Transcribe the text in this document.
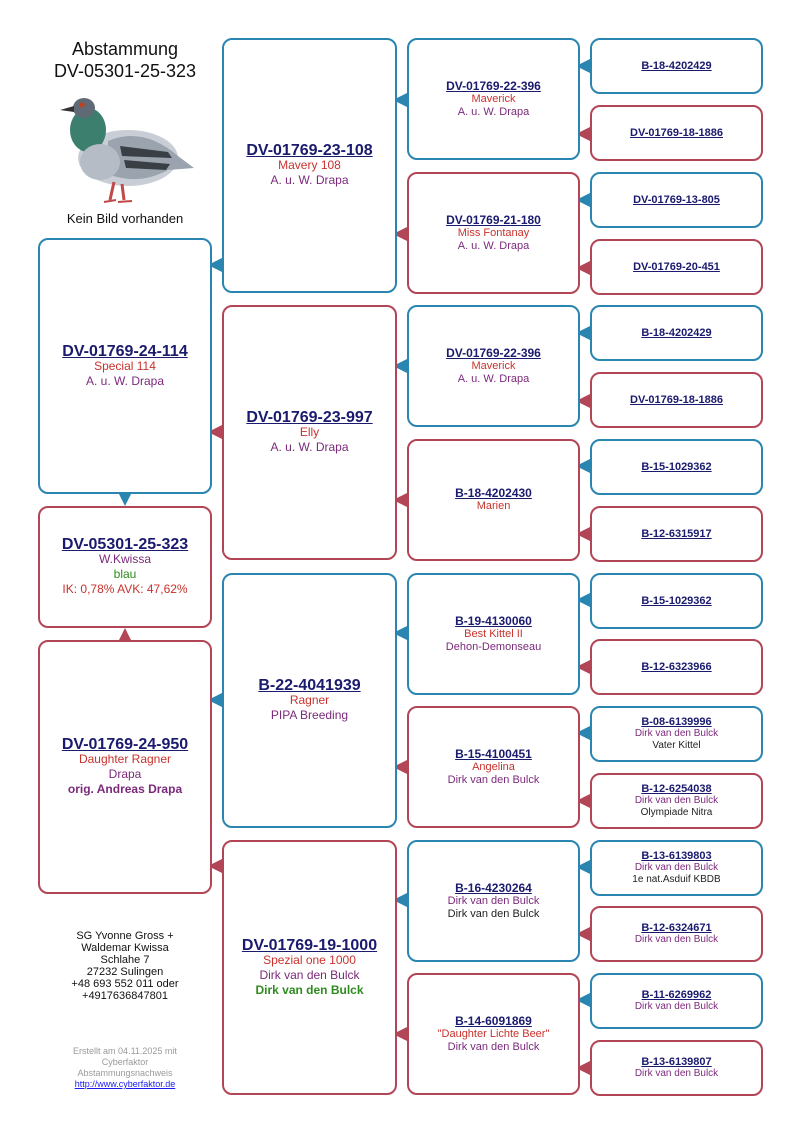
Abstammung
DV-05301-25-323
Kein Bild vorhanden
DV-01769-24-114
Special 114
A. u. W. Drapa
DV-05301-25-323
W.Kwissa
blau
IK: 0,78% AVK: 47,62%
DV-01769-24-950
Daughter Ragner
Drapa
orig. Andreas Drapa
DV-01769-23-108
Mavery 108
A. u. W. Drapa
DV-01769-23-997
Elly
A. u. W. Drapa
B-22-4041939
Ragner
PIPA Breeding
DV-01769-19-1000
Spezial one 1000
Dirk van den Bulck
Dirk van den Bulck
DV-01769-22-396
Maverick
A. u. W. Drapa
DV-01769-21-180
Miss Fontanay
A. u. W. Drapa
DV-01769-22-396
Maverick
A. u. W. Drapa
B-18-4202430
Marien
B-19-4130060
Best Kittel II
Dehon-Demonseau
B-15-4100451
Angelina
Dirk van den Bulck
B-16-4230264
Dirk van den Bulck
Dirk van den Bulck
B-14-6091869
"Daughter Lichte Beer"
Dirk van den Bulck
B-18-4202429
DV-01769-18-1886
DV-01769-13-805
DV-01769-20-451
B-18-4202429
DV-01769-18-1886
B-15-1029362
B-12-6315917
B-15-1029362
B-12-6323966
B-08-6139996
Dirk van den Bulck
Vater Kittel
B-12-6254038
Dirk van den Bulck
Olympiade Nitra
B-13-6139803
Dirk van den Bulck
1e nat.Asduif KBDB
B-12-6324671
Dirk van den Bulck
B-11-6269962
Dirk van den Bulck
B-13-6139807
Dirk van den Bulck
SG Yvonne Gross +
Waldemar Kwissa
Schlahe 7
27232 Sulingen
+48 693 552 011 oder
+4917636847801
Erstellt am 04.11.2025 mit
Cyberfaktor
Abstammungsnachweis
http://www.cyberfaktor.de
